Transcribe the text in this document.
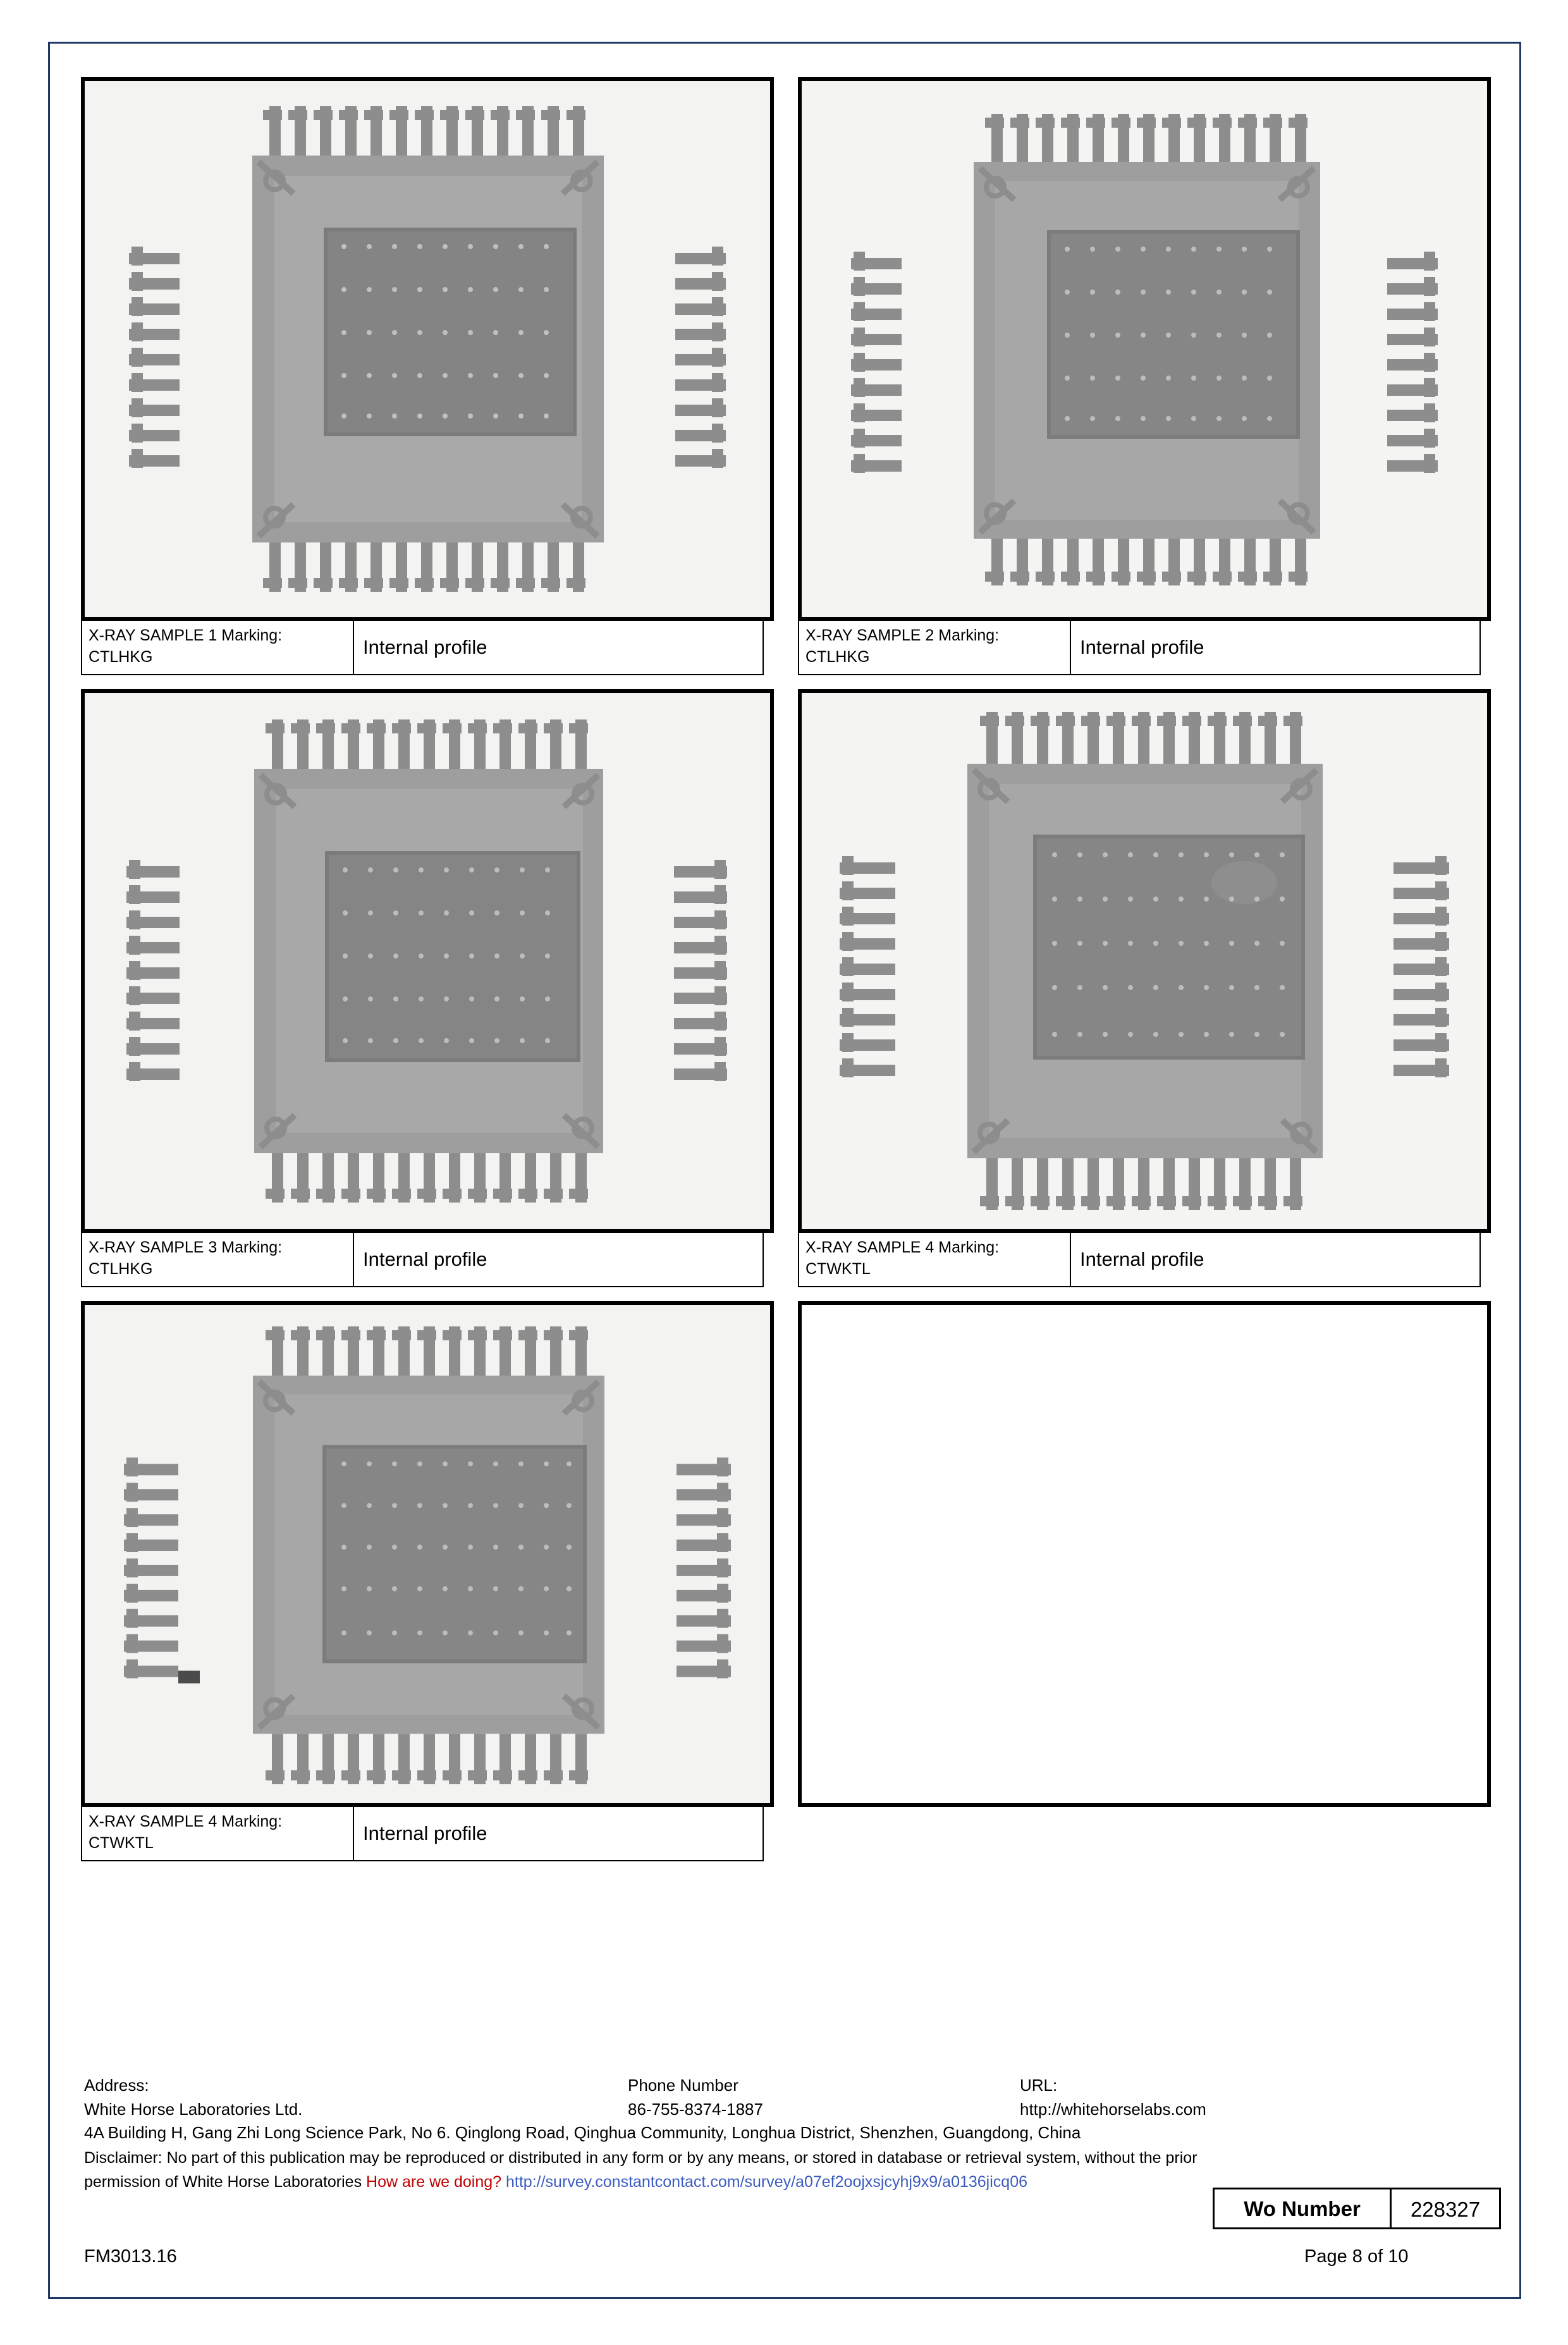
X-RAY SAMPLE 1 Marking:
CTLHKG	Internal profile
X-RAY SAMPLE 2 Marking:
CTLHKG	Internal profile
X-RAY SAMPLE 3 Marking:
CTLHKG	Internal profile
X-RAY SAMPLE 4 Marking:
CTWKTL	Internal profile
X-RAY SAMPLE 4 Marking:
CTWKTL	Internal profile
Address:	Phone Number	URL:
White Horse Laboratories Ltd.	86-755-8374-1887	http://whitehorselabs.com
4A Building H, Gang Zhi Long Science Park, No 6. Qinglong Road, Qinghua Community, Longhua District, Shenzhen, Guangdong, China
Disclaimer: No part of this publication may be reproduced or distributed in any form or by any means, or stored in database or retrieval system, without the prior
permission of White Horse Laboratories How are we doing? http://survey.constantcontact.com/survey/a07ef2oojxsjcyhj9x9/a0136jicq06
Wo Number	228327
FM3013.16	Page 8 of 10
